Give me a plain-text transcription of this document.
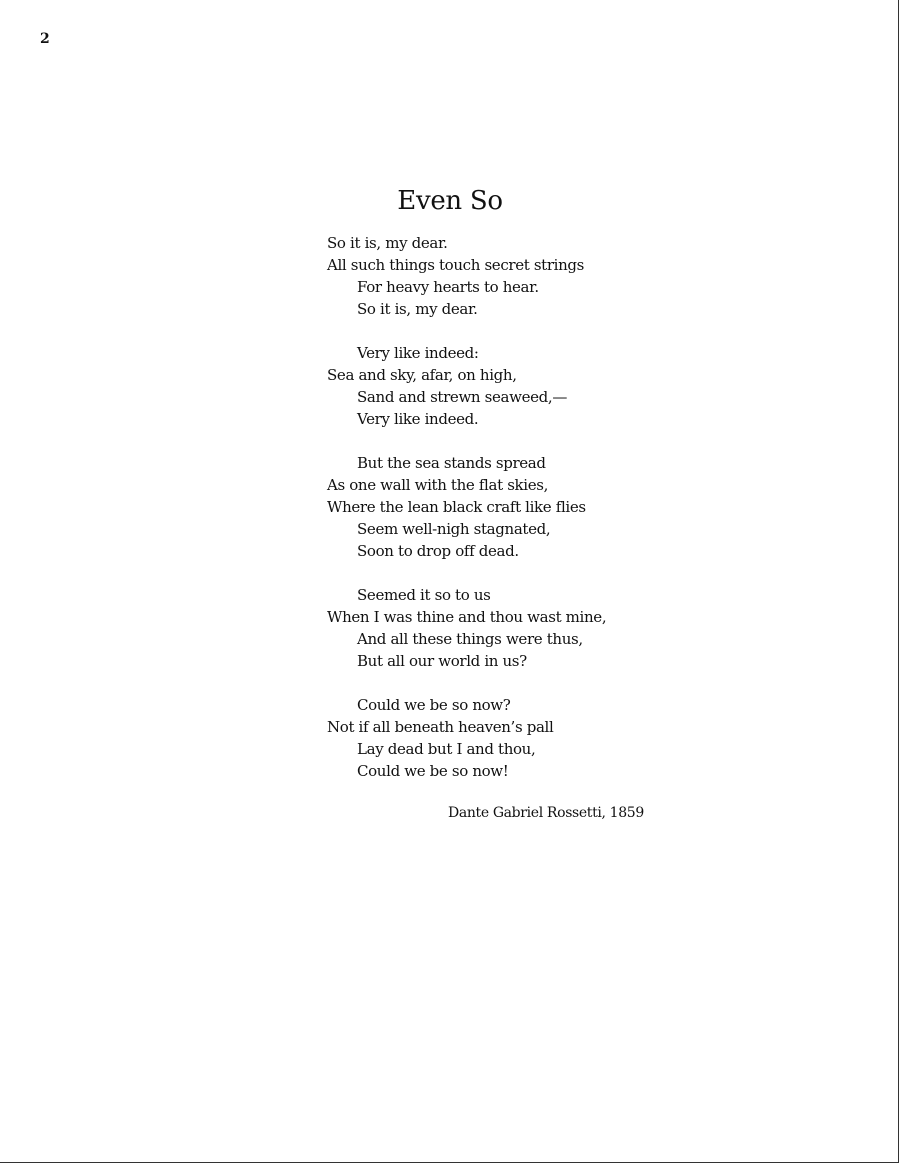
2
Even So
So it is, my dear.
All such things touch secret strings
For heavy hearts to hear.
So it is, my dear.
Very like indeed:
Sea and sky, afar, on high,
Sand and strewn seaweed,—
Very like indeed.
But the sea stands spread
As one wall with the flat skies,
Where the lean black craft like flies
Seem well-nigh stagnated,
Soon to drop off dead.
Seemed it so to us
When I was thine and thou wast mine,
And all these things were thus,
But all our world in us?
Could we be so now?
Not if all beneath heaven’s pall
Lay dead but I and thou,
Could we be so now!
Dante Gabriel Rossetti, 1859
